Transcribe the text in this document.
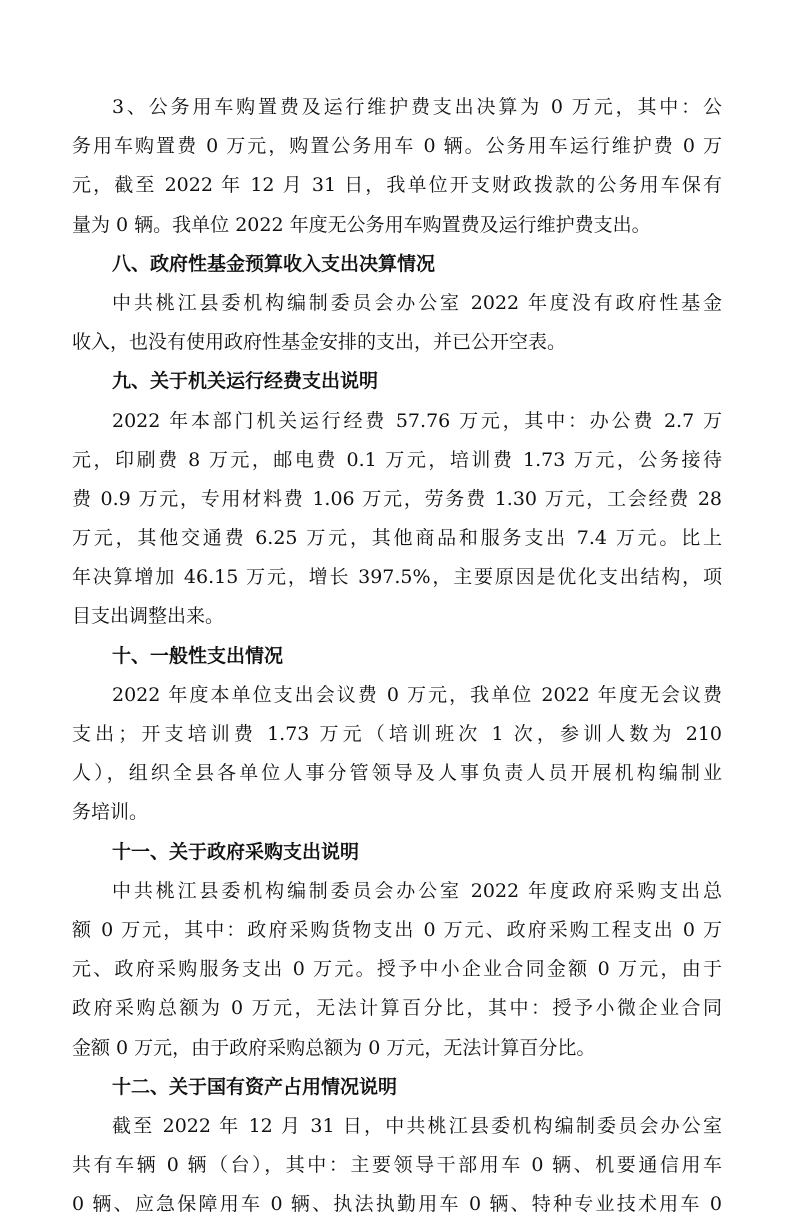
3、公务用车购置费及运行维护费支出决算为 0 万元，其中：公
务用车购置费 0 万元，购置公务用车 0 辆。公务用车运行维护费 0 万
元，截至 2022 年 12 月 31 日，我单位开支财政拨款的公务用车保有
量为 0 辆。我单位 2022 年度无公务用车购置费及运行维护费支出。
八、政府性基金预算收入支出决算情况
中共桃江县委机构编制委员会办公室 2022 年度没有政府性基金
收入，也没有使用政府性基金安排的支出，并已公开空表。
九、关于机关运行经费支出说明
2022 年本部门机关运行经费 57.76 万元，其中：办公费 2.7 万
元，印刷费 8 万元，邮电费 0.1 万元，培训费 1.73 万元，公务接待
费 0.9 万元，专用材料费 1.06 万元，劳务费 1.30 万元，工会经费 28
万元，其他交通费 6.25 万元，其他商品和服务支出 7.4 万元。比上
年决算增加 46.15 万元，增长 397.5%，主要原因是优化支出结构，项
目支出调整出来。
十、一般性支出情况
2022 年度本单位支出会议费 0 万元，我单位 2022 年度无会议费
支出；开支培训费 1.73 万元（培训班次 1 次，参训人数为 210
人），组织全县各单位人事分管领导及人事负责人员开展机构编制业
务培训。
十一、关于政府采购支出说明
中共桃江县委机构编制委员会办公室 2022 年度政府采购支出总
额 0 万元，其中：政府采购货物支出 0 万元、政府采购工程支出 0 万
元、政府采购服务支出 0 万元。授予中小企业合同金额 0 万元，由于
政府采购总额为 0 万元，无法计算百分比，其中：授予小微企业合同
金额 0 万元，由于政府采购总额为 0 万元，无法计算百分比。
十二、关于国有资产占用情况说明
截至 2022 年 12 月 31 日，中共桃江县委机构编制委员会办公室
共有车辆 0 辆（台），其中：主要领导干部用车 0 辆、机要通信用车
0 辆、应急保障用车 0 辆、执法执勤用车 0 辆、特种专业技术用车 0
